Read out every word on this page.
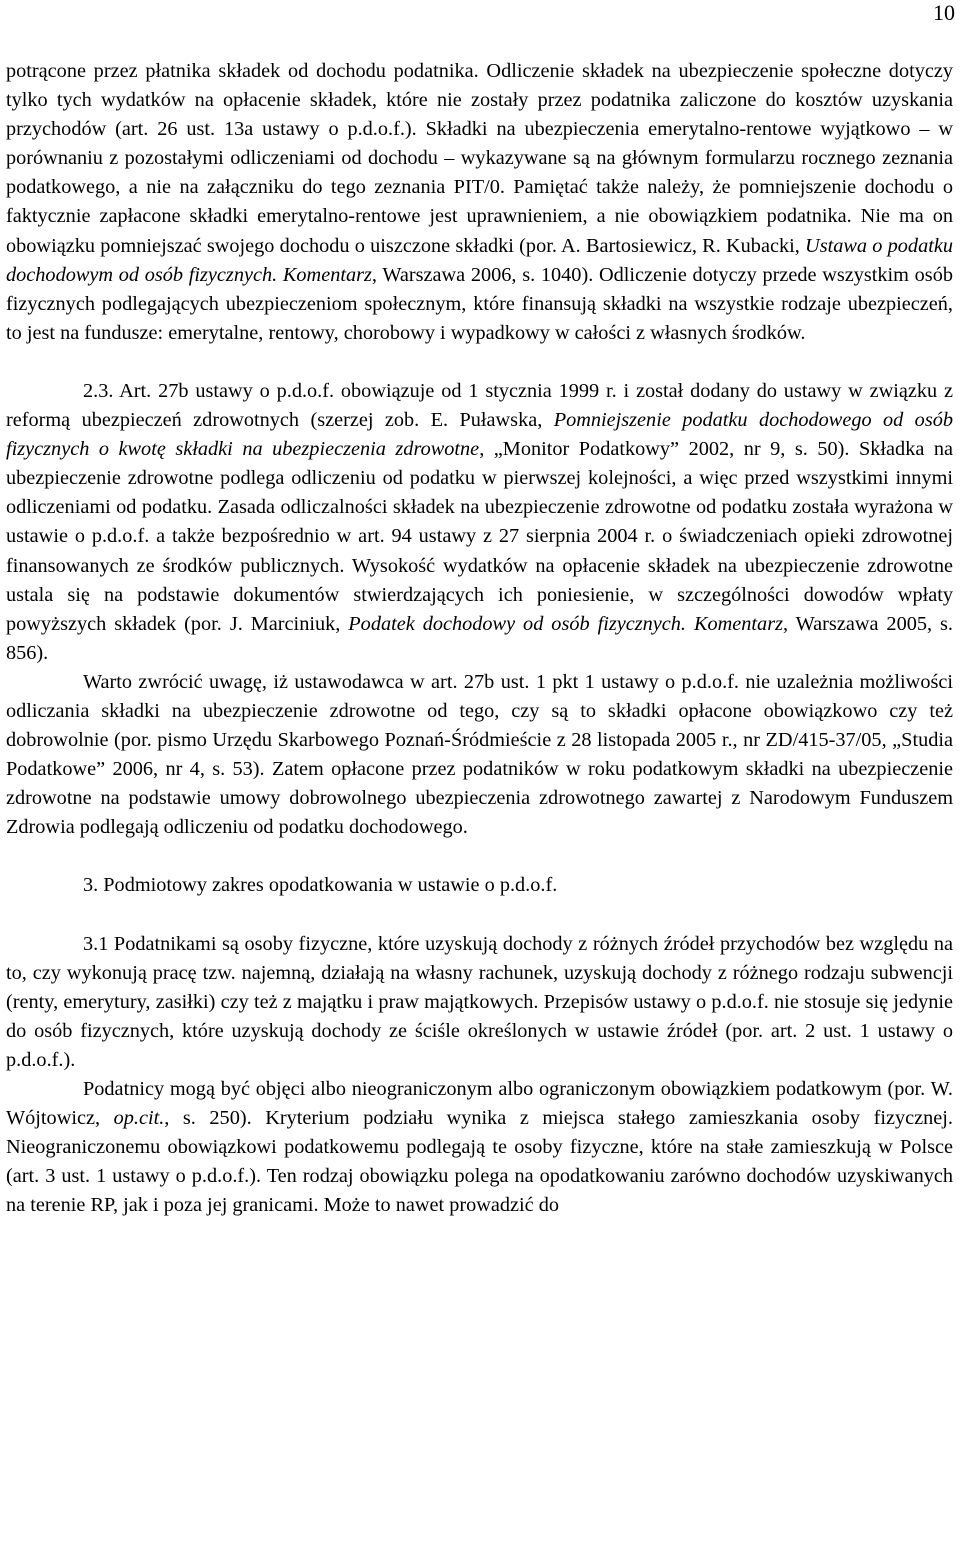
10

potrącone przez płatnika składek od dochodu podatnika. Odliczenie składek na ubezpieczenie społeczne dotyczy tylko tych wydatków na opłacenie składek, które nie zostały przez podatnika zaliczone do kosztów uzyskania przychodów (art. 26 ust. 13a ustawy o p.d.o.f.). Składki na ubezpieczenia emerytalno-rentowe wyjątkowo – w porównaniu z pozostałymi odliczeniami od dochodu – wykazywane są na głównym formularzu rocznego zeznania podatkowego, a nie na załączniku do tego zeznania PIT/0. Pamiętać także należy, że pomniejszenie dochodu o faktycznie zapłacone składki emerytalno-rentowe jest uprawnieniem, a nie obowiązkiem podatnika. Nie ma on obowiązku pomniejszać swojego dochodu o uiszczone składki (por. A. Bartosiewicz, R. Kubacki, Ustawa o podatku dochodowym od osób fizycznych. Komentarz, Warszawa 2006, s. 1040). Odliczenie dotyczy przede wszystkim osób fizycznych podlegających ubezpieczeniom społecznym, które finansują składki na wszystkie rodzaje ubezpieczeń, to jest na fundusze: emerytalne, rentowy, chorobowy i wypadkowy w całości z własnych środków.

2.3. Art. 27b ustawy o p.d.o.f. obowiązuje od 1 stycznia 1999 r. i został dodany do ustawy w związku z reformą ubezpieczeń zdrowotnych (szerzej zob. E. Puławska, Pomniejszenie podatku dochodowego od osób fizycznych o kwotę składki na ubezpieczenia zdrowotne, „Monitor Podatkowy” 2002, nr 9, s. 50). Składka na ubezpieczenie zdrowotne podlega odliczeniu od podatku w pierwszej kolejności, a więc przed wszystkimi innymi odliczeniami od podatku. Zasada odliczalności składek na ubezpieczenie zdrowotne od podatku została wyrażona w ustawie o p.d.o.f. a także bezpośrednio w art. 94 ustawy z 27 sierpnia 2004 r. o świadczeniach opieki zdrowotnej finansowanych ze środków publicznych. Wysokość wydatków na opłacenie składek na ubezpieczenie zdrowotne ustala się na podstawie dokumentów stwierdzających ich poniesienie, w szczególności dowodów wpłaty powyższych składek (por. J. Marciniuk, Podatek dochodowy od osób fizycznych. Komentarz, Warszawa 2005, s. 856).

Warto zwrócić uwagę, iż ustawodawca w art. 27b ust. 1 pkt 1 ustawy o p.d.o.f. nie uzależnia możliwości odliczania składki na ubezpieczenie zdrowotne od tego, czy są to składki opłacone obowiązkowo czy też dobrowolnie (por. pismo Urzędu Skarbowego Poznań-Śródmieście z 28 listopada 2005 r., nr ZD/415-37/05, „Studia Podatkowe” 2006, nr 4, s. 53). Zatem opłacone przez podatników w roku podatkowym składki na ubezpieczenie zdrowotne na podstawie umowy dobrowolnego ubezpieczenia zdrowotnego zawartej z Narodowym Funduszem Zdrowia podlegają odliczeniu od podatku dochodowego.

3. Podmiotowy zakres opodatkowania w ustawie o p.d.o.f.

3.1 Podatnikami są osoby fizyczne, które uzyskują dochody z różnych źródeł przychodów bez względu na to, czy wykonują pracę tzw. najemną, działają na własny rachunek, uzyskują dochody z różnego rodzaju subwencji (renty, emerytury, zasiłki) czy też z majątku i praw majątkowych. Przepisów ustawy o p.d.o.f. nie stosuje się jedynie do osób fizycznych, które uzyskują dochody ze ściśle określonych w ustawie źródeł (por. art. 2 ust. 1 ustawy o p.d.o.f.).

Podatnicy mogą być objęci albo nieograniczonym albo ograniczonym obowiązkiem podatkowym (por. W. Wójtowicz, op.cit., s. 250). Kryterium podziału wynika z miejsca stałego zamieszkania osoby fizycznej. Nieograniczonemu obowiązkowi podatkowemu podlegają te osoby fizyczne, które na stałe zamieszkują w Polsce (art. 3 ust. 1 ustawy o p.d.o.f.). Ten rodzaj obowiązku polega na opodatkowaniu zarówno dochodów uzyskiwanych na terenie RP, jak i poza jej granicami. Może to nawet prowadzić do
